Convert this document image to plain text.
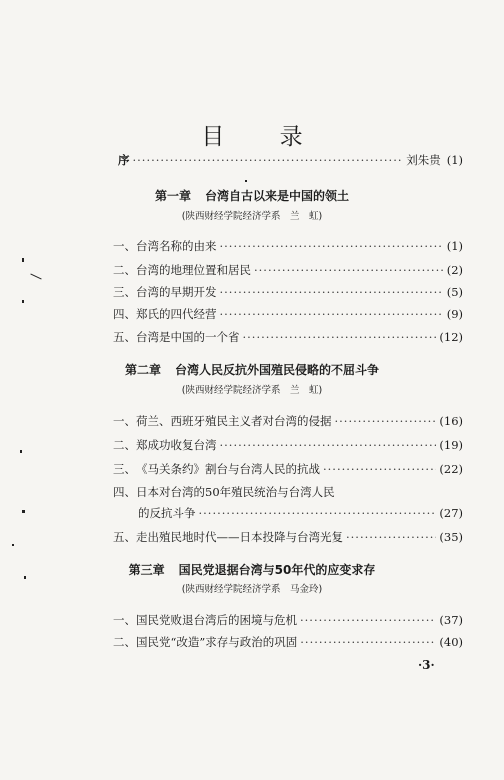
目 录
序 ·····	刘朱贵 (1)
第一章 台湾自古以来是中国的领土
(陕西财经学院经济学系　兰　虹)
一、 台湾名称的由来 ·····	(1)
二、 台湾的地理位置和居民 ·····	(2)
三、 台湾的早期开发 ·····	(5)
四、 郑氏的四代经营 ·····	(9)
五、 台湾是中国的一个省 ·····	(12)
第二章 台湾人民反抗外国殖民侵略的不屈斗争
(陕西财经学院经济学系　兰　虹)
一、 荷兰、西班牙殖民主义者对台湾的侵据 ·····	(16)
二、 郑成功收复台湾 ·····	(19)
三、 《马关条约》割台与台湾人民的抗战 ·····	(22)
四、 日本对台湾的50年殖民统治与台湾人民
的反抗斗争 ·····	(27)
五、 走出殖民地时代——日本投降与台湾光复 ·····	(35)
第三章 国民党退据台湾与50年代的应变求存
(陕西财经学院经济学系　马金玲)
一、 国民党败退台湾后的困境与危机 ·····	(37)
二、 国民党“改造”求存与政治的巩固 ·····	(40)
·3·
